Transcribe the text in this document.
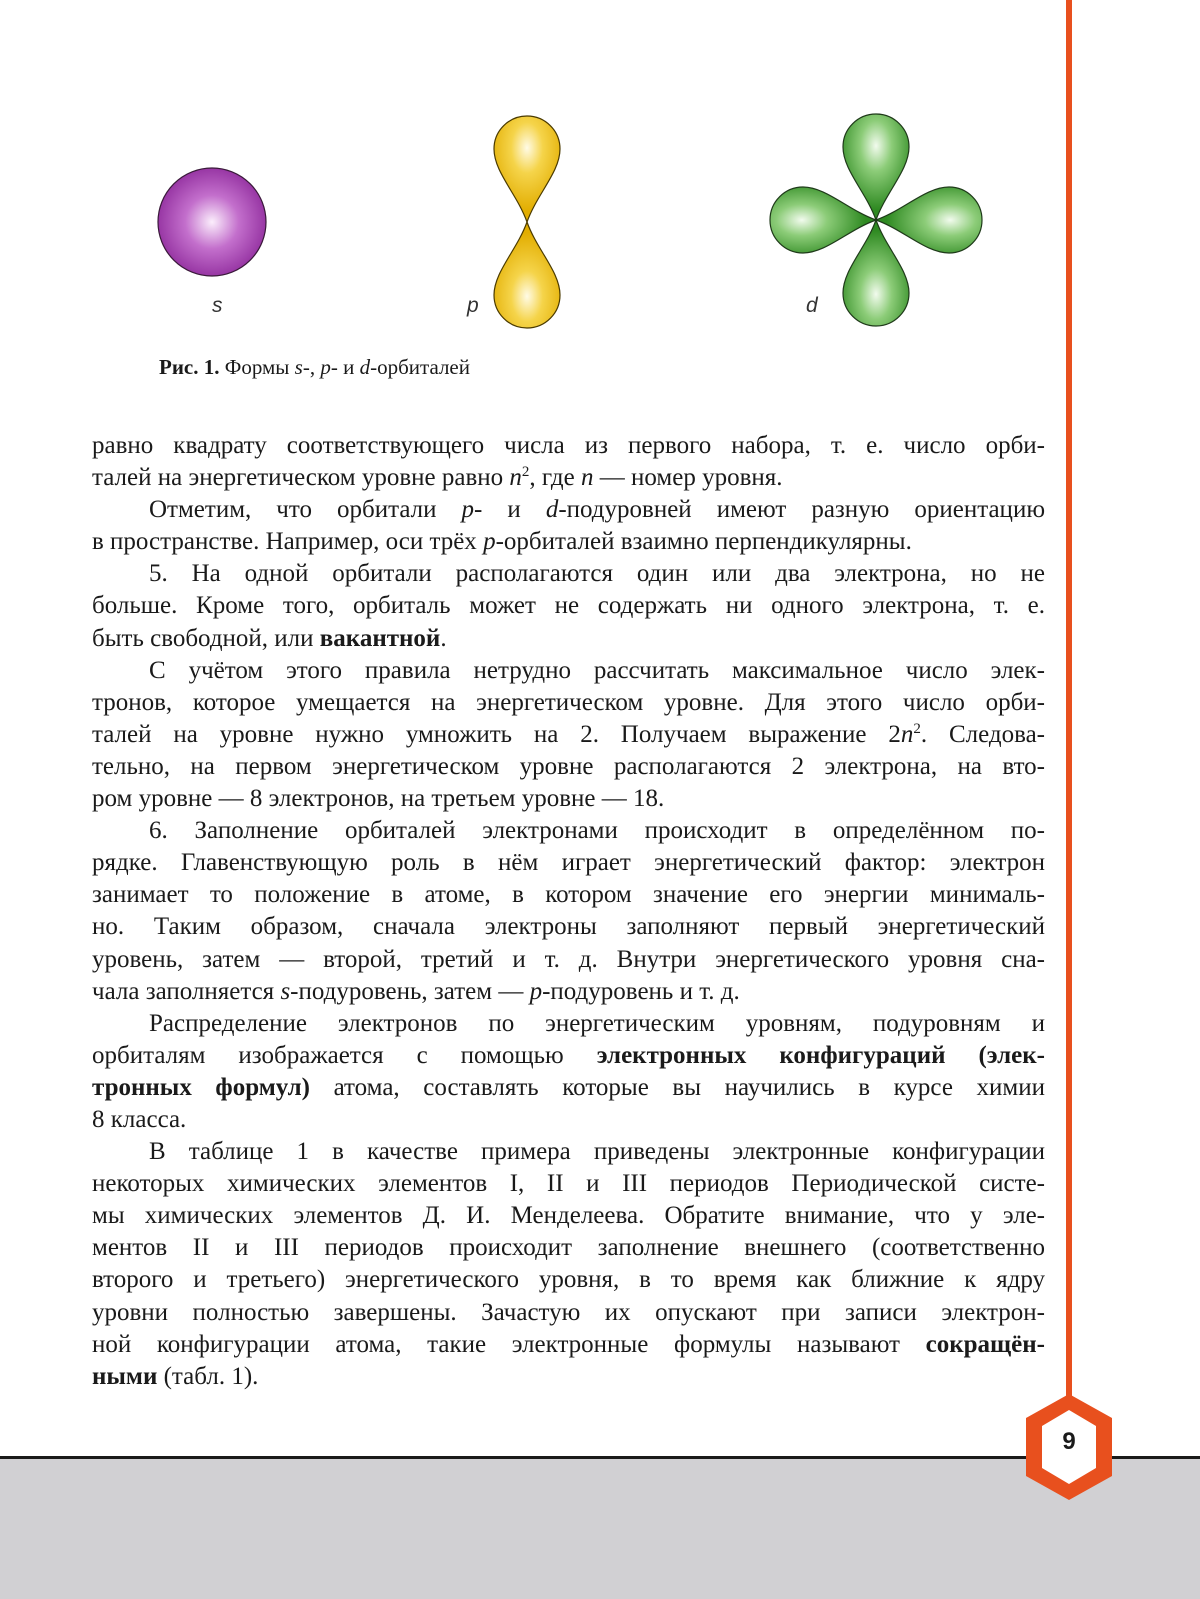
s	p	d
Рис. 1. Формы s-, p- и d-орбиталей
равно квадрату соответствующего числа из первого набора, т. е. число орби-
талей на энергетическом уровне равно $n^2$, где n — номер уровня.
Отметим, что орбитали p- и d-подуровней имеют разную ориентацию
в пространстве. Например, оси трёх p-орбиталей взаимно перпендикулярны.
5. На одной орбитали располагаются один или два электрона, но не
больше. Кроме того, орбиталь может не содержать ни одного электрона, т. е.
быть свободной, или вакантной.
С учётом этого правила нетрудно рассчитать максимальное число элек-
тронов, которое умещается на энергетическом уровне. Для этого число орби-
талей на уровне нужно умножить на 2. Получаем выражение $2n^2$. Следова-
тельно, на первом энергетическом уровне располагаются 2 электрона, на вто-
ром уровне — 8 электронов, на третьем уровне — 18.
6. Заполнение орбиталей электронами происходит в определённом по-
рядке. Главенствующую роль в нём играет энергетический фактор: электрон
занимает то положение в атоме, в котором значение его энергии минималь-
но. Таким образом, сначала электроны заполняют первый энергетический
уровень, затем — второй, третий и т. д. Внутри энергетического уровня сна-
чала заполняется s-подуровень, затем — p-подуровень и т. д.
Распределение электронов по энергетическим уровням, подуровням и
орбиталям изображается с помощью электронных конфигураций (элек-
тронных формул) атома, составлять которые вы научились в курсе химии
8 класса.
В таблице 1 в качестве примера приведены электронные конфигурации
некоторых химических элементов I, II и III периодов Периодической систе-
мы химических элементов Д. И. Менделеева. Обратите внимание, что у эле-
ментов II и III периодов происходит заполнение внешнего (соответственно
второго и третьего) энергетического уровня, в то время как ближние к ядру
уровни полностью завершены. Зачастую их опускают при записи электрон-
ной конфигурации атома, такие электронные формулы называют сокращён-
ными (табл. 1).
9
